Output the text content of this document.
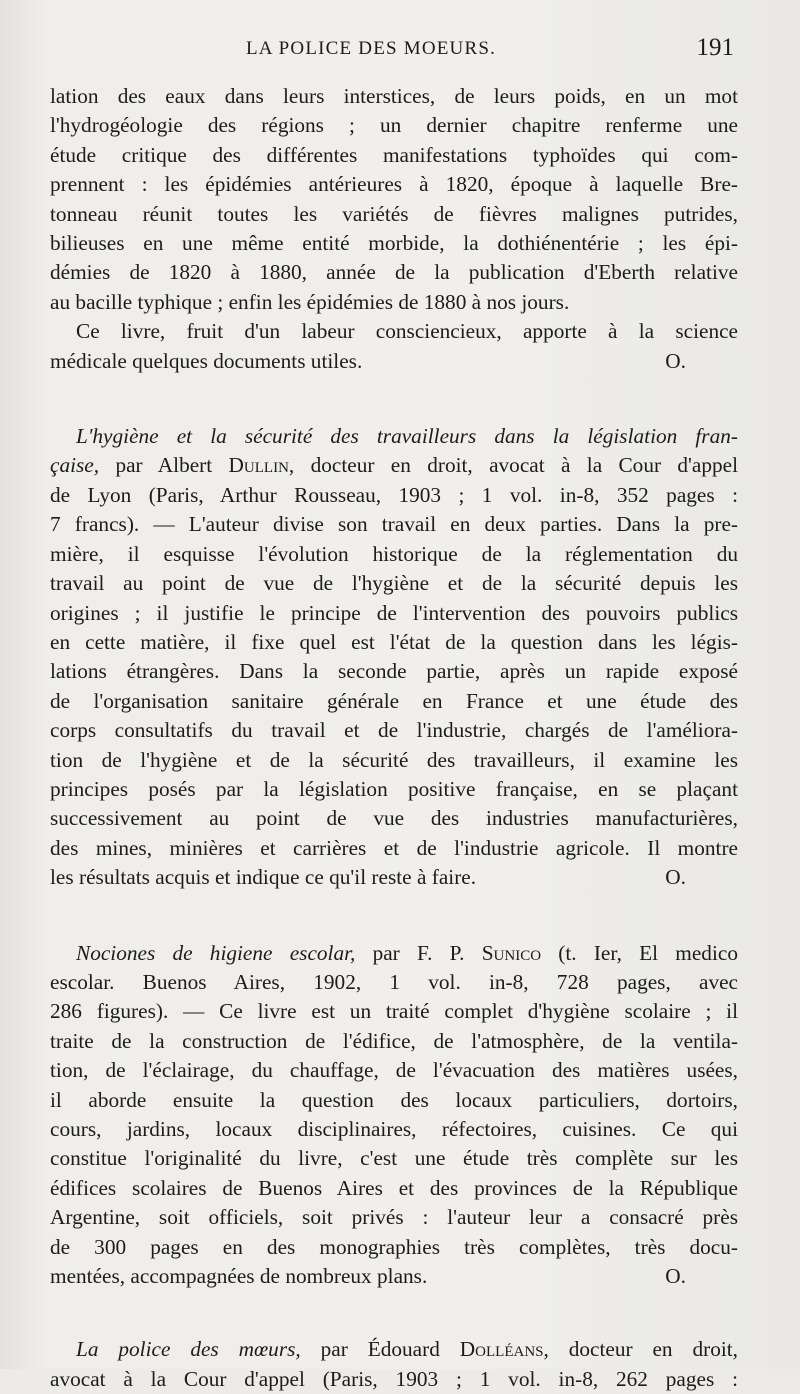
LA POLICE DES MOEURS.	191

lation des eaux dans leurs interstices, de leurs poids, en un mot
l'hydrogéologie des régions ; un dernier chapitre renferme une
étude critique des différentes manifestations typhoïdes qui com-
prennent : les épidémies antérieures à 1820, époque à laquelle Bre-
tonneau réunit toutes les variétés de fièvres malignes putrides,
bilieuses en une même entité morbide, la dothiénentérie ; les épi-
démies de 1820 à 1880, année de la publication d'Eberth relative
au bacille typhique ; enfin les épidémies de 1880 à nos jours.
Ce livre, fruit d'un labeur consciencieux, apporte à la science
médicale quelques documents utiles.	O.

L'hygiène et la sécurité des travailleurs dans la législation fran-
çaise, par Albert Dullin, docteur en droit, avocat à la Cour d'appel
de Lyon (Paris, Arthur Rousseau, 1903 ; 1 vol. in-8, 352 pages :
7 francs). — L'auteur divise son travail en deux parties. Dans la pre-
mière, il esquisse l'évolution historique de la réglementation du
travail au point de vue de l'hygiène et de la sécurité depuis les
origines ; il justifie le principe de l'intervention des pouvoirs publics
en cette matière, il fixe quel est l'état de la question dans les légis-
lations étrangères. Dans la seconde partie, après un rapide exposé
de l'organisation sanitaire générale en France et une étude des
corps consultatifs du travail et de l'industrie, chargés de l'améliora-
tion de l'hygiène et de la sécurité des travailleurs, il examine les
principes posés par la législation positive française, en se plaçant
successivement au point de vue des industries manufacturières,
des mines, minières et carrières et de l'industrie agricole. Il montre
les résultats acquis et indique ce qu'il reste à faire.	O.

Nociones de higiene escolar, par F. P. Sunico (t. Ier, El medico
escolar. Buenos Aires, 1902, 1 vol. in-8, 728 pages, avec
286 figures). — Ce livre est un traité complet d'hygiène scolaire ; il
traite de la construction de l'édifice, de l'atmosphère, de la ventila-
tion, de l'éclairage, du chauffage, de l'évacuation des matières usées,
il aborde ensuite la question des locaux particuliers, dortoirs,
cours, jardins, locaux disciplinaires, réfectoires, cuisines. Ce qui
constitue l'originalité du livre, c'est une étude très complète sur les
édifices scolaires de Buenos Aires et des provinces de la République
Argentine, soit officiels, soit privés : l'auteur leur a consacré près
de 300 pages en des monographies très complètes, très docu-
mentées, accompagnées de nombreux plans.	O.

La police des mœurs, par Édouard Dolléans, docteur en droit,
avocat à la Cour d'appel (Paris, 1903 ; 1 vol. in-8, 262 pages :
